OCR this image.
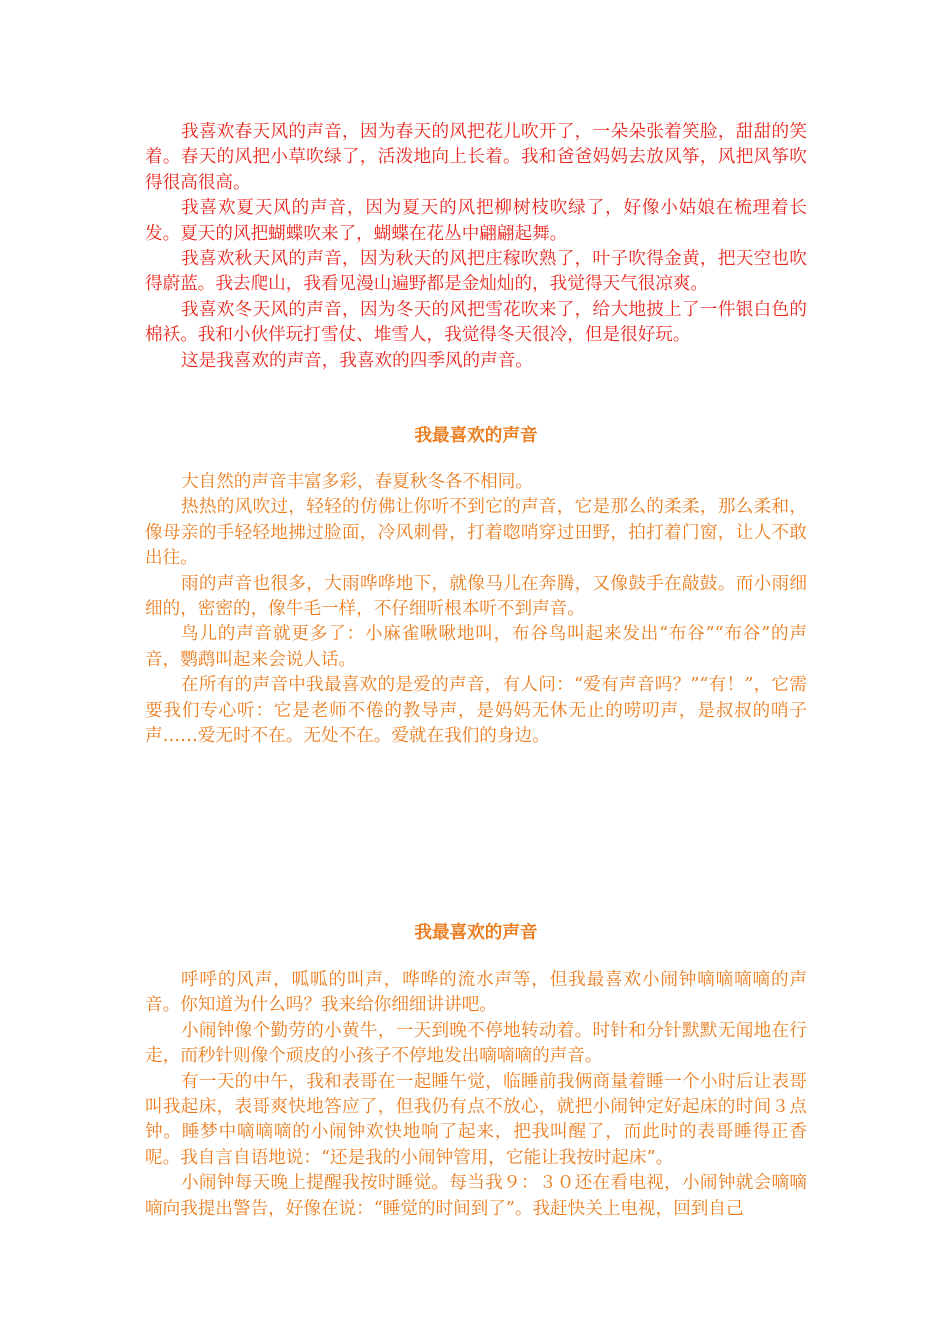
我喜欢春天风的声音，因为春天的风把花儿吹开了，一朵朵张着笑脸，甜甜的笑着。春天的风把小草吹绿了，活泼地向上长着。我和爸爸妈妈去放风筝，风把风筝吹得很高很高。

我喜欢夏天风的声音，因为夏天的风把柳树枝吹绿了，好像小姑娘在梳理着长发。夏天的风把蝴蝶吹来了，蝴蝶在花丛中翩翩起舞。

我喜欢秋天风的声音，因为秋天的风把庄稼吹熟了，叶子吹得金黄，把天空也吹得蔚蓝。我去爬山，我看见漫山遍野都是金灿灿的，我觉得天气很凉爽。

我喜欢冬天风的声音，因为冬天的风把雪花吹来了，给大地披上了一件银白色的棉袄。我和小伙伴玩打雪仗、堆雪人，我觉得冬天很冷，但是很好玩。

这是我喜欢的声音，我喜欢的四季风的声音。

我最喜欢的声音

大自然的声音丰富多彩，春夏秋冬各不相同。

热热的风吹过，轻轻的仿佛让你听不到它的声音，它是那么的柔柔，那么柔和，像母亲的手轻轻地拂过脸面，冷风刺骨，打着唿哨穿过田野，拍打着门窗，让人不敢出往。

雨的声音也很多，大雨哗哗地下，就像马儿在奔腾，又像鼓手在敲鼓。而小雨细细的，密密的，像牛毛一样，不仔细听根本听不到声音。

鸟儿的声音就更多了：小麻雀啾啾地叫，布谷鸟叫起来发出“布谷”“布谷”的声音，鹦鹉叫起来会说人话。

在所有的声音中我最喜欢的是爱的声音，有人问：“爱有声音吗？”“有！”，它需要我们专心听：它是老师不倦的教导声，是妈妈无休无止的唠叨声，是叔叔的哨子声……爱无时不在。无处不在。爱就在我们的身边。

我最喜欢的声音

呼呼的风声，呱呱的叫声，哗哗的流水声等，但我最喜欢小闹钟嘀嘀嘀嘀的声音。你知道为什么吗？我来给你细细讲讲吧。

小闹钟像个勤劳的小黄牛，一天到晚不停地转动着。时针和分针默默无闻地在行走，而秒针则像个顽皮的小孩子不停地发出嘀嘀嘀的声音。

有一天的中午，我和表哥在一起睡午觉，临睡前我俩商量着睡一个小时后让表哥叫我起床，表哥爽快地答应了，但我仍有点不放心，就把小闹钟定好起床的时间３点钟。睡梦中嘀嘀嘀的小闹钟欢快地响了起来，把我叫醒了，而此时的表哥睡得正香呢。我自言自语地说：“还是我的小闹钟管用，它能让我按时起床”。

小闹钟每天晚上提醒我按时睡觉。每当我９：３０还在看电视，小闹钟就会嘀嘀嘀向我提出警告，好像在说：“睡觉的时间到了”。我赶快关上电视，回到自己
